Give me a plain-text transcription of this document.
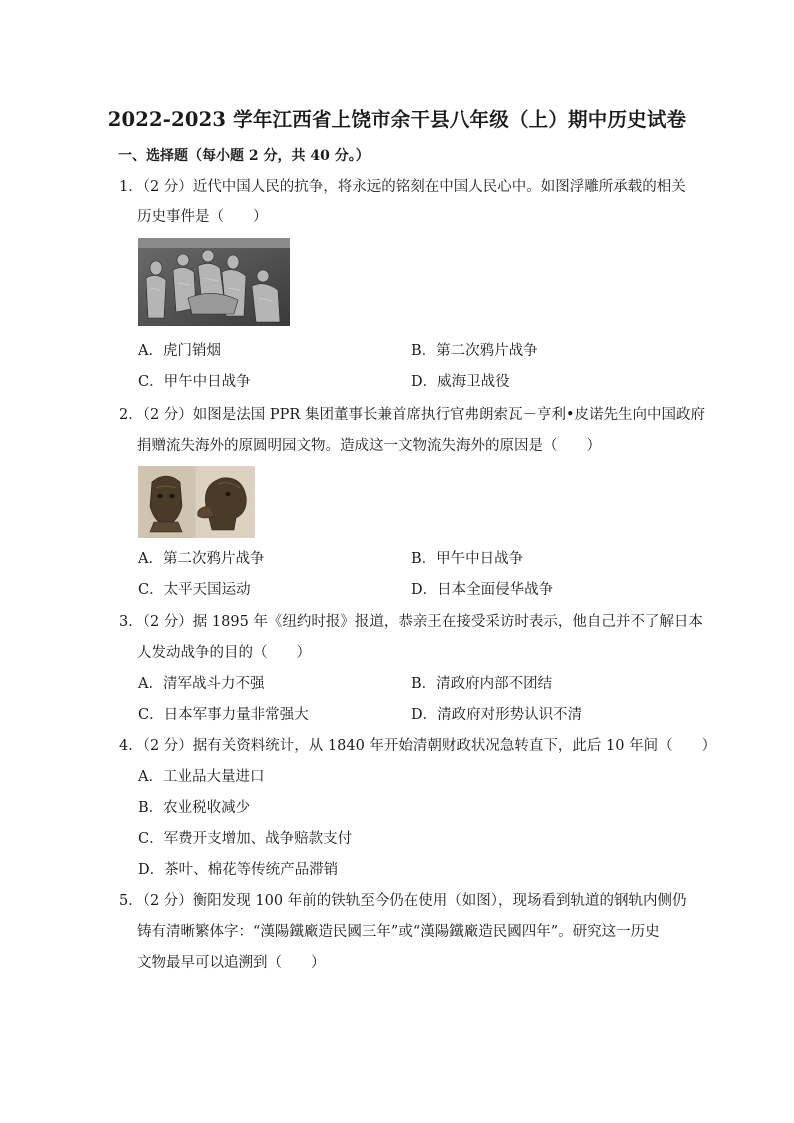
2022-2023 学年江西省上饶市余干县八年级（上）期中历史试卷
一、选择题（每小题 2 分，共 40 分。）
1．（2 分）近代中国人民的抗争，将永远的铭刻在中国人民心中。如图浮雕所承载的相关
历史事件是（　　）
A．虎门销烟	B．第二次鸦片战争
C．甲午中日战争	D．威海卫战役
2．（2 分）如图是法国 PPR 集团董事长兼首席执行官弗朗索瓦－亨利•皮诺先生向中国政府
捐赠流失海外的原圆明园文物。造成这一文物流失海外的原因是（　　）
A．第二次鸦片战争	B．甲午中日战争
C．太平天国运动	D．日本全面侵华战争
3．（2 分）据 1895 年《纽约时报》报道，恭亲王在接受采访时表示，他自己并不了解日本
人发动战争的目的（　　）
A．清军战斗力不强	B．清政府内部不团结
C．日本军事力量非常强大	D．清政府对形势认识不清
4．（2 分）据有关资料统计，从 1840 年开始清朝财政状况急转直下，此后 10 年间（　　）
A．工业品大量进口
B．农业税收减少
C．军费开支增加、战争赔款支付
D．茶叶、棉花等传统产品滞销
5．（2 分）衡阳发现 100 年前的铁轨至今仍在使用（如图），现场看到轨道的钢轨内侧仍
铸有清晰繁体字：“漢陽鐵廠造民國三年”或“漢陽鐵廠造民國四年”。研究这一历史
文物最早可以追溯到（　　）
